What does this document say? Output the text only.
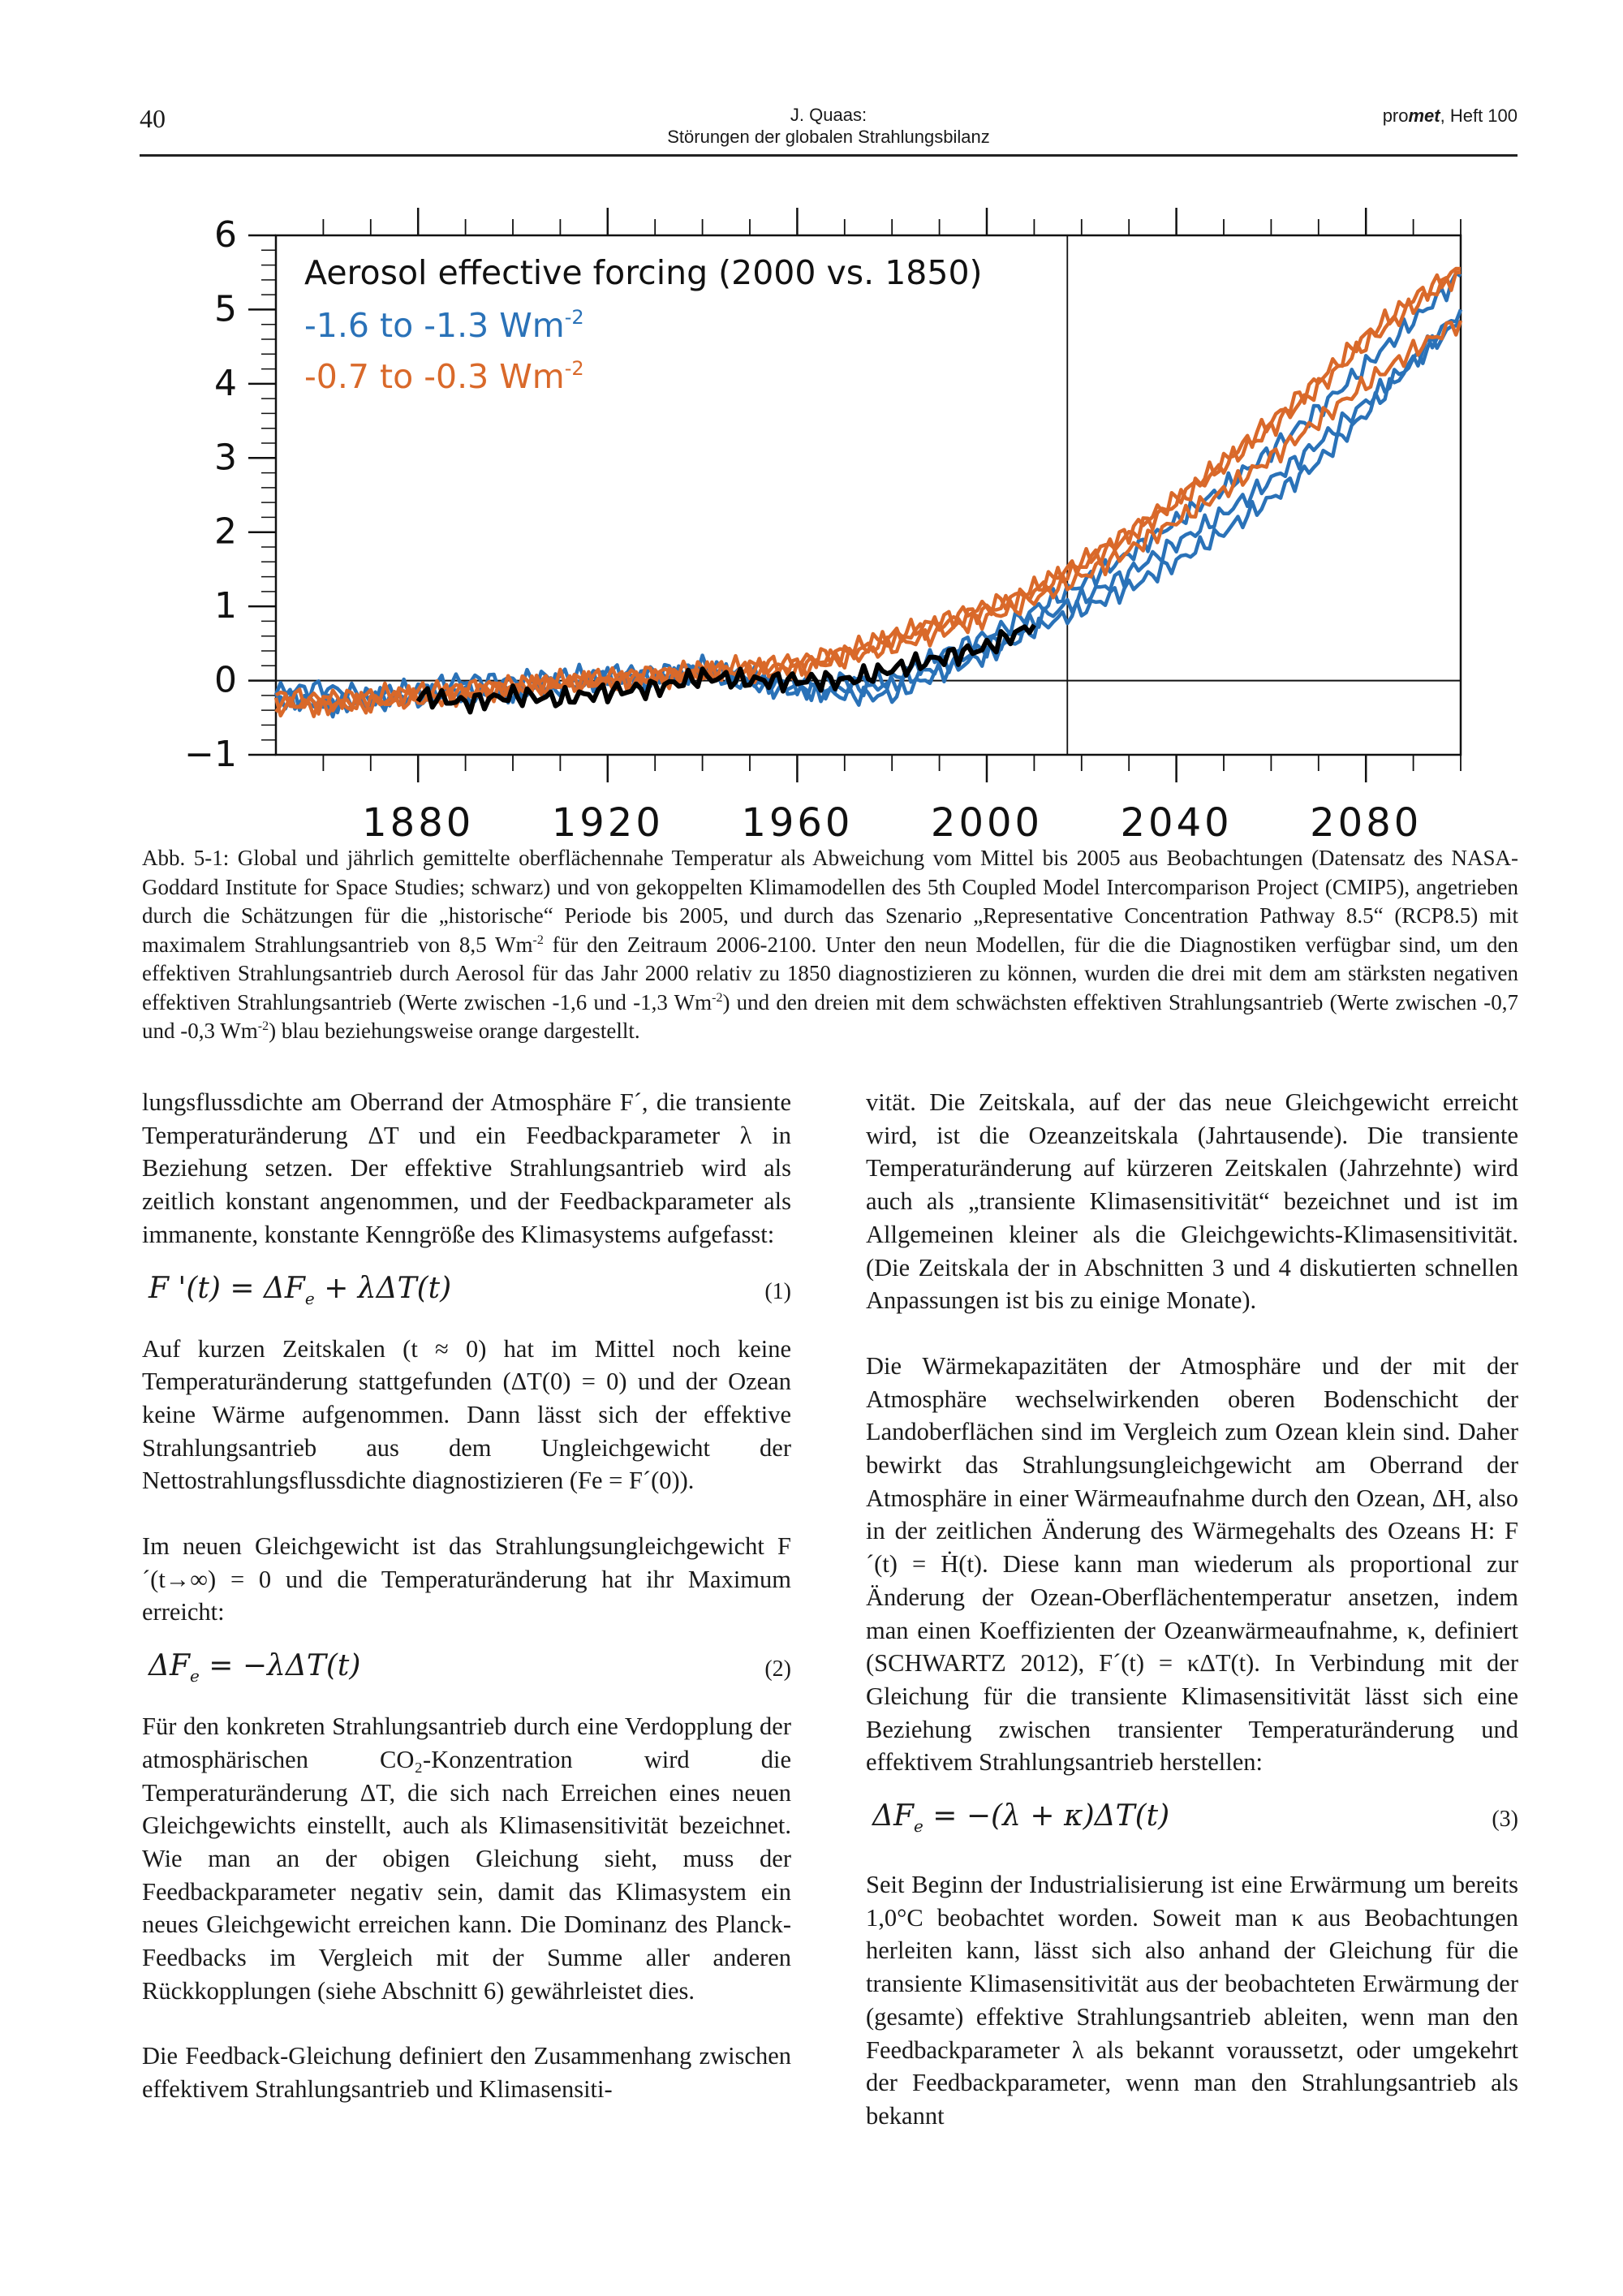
40	J. Quaas:
Störungen der globalen Strahlungsbilanz
promet, Heft 100
6
5
4
3
2
1
0
−1
1880 1920 1960 2000 2040 2080
Aerosol effective forcing (2000 vs. 1850)
-1.6 to -1.3 $Wm^{-2}$
-0.7 to -0.3 $Wm^{-2}$
Abb. 5-1: Global und jährlich gemittelte oberflächennahe Temperatur als Abweichung vom Mittel bis 2005 aus Beobachtungen (Datensatz des NASA-Goddard Institute for Space Studies; schwarz) und von gekoppelten Klimamodellen des 5th Coupled Model Intercomparison Project (CMIP5), angetrieben durch die Schätzungen für die „historische“ Periode bis 2005, und durch das Szenario „Representative Concentration Pathway 8.5“ (RCP8.5) mit maximalem Strahlungsantrieb von 8,5 $Wm^{-2}$ für den Zeitraum 2006-2100. Unter den neun Modellen, für die die Diagnostiken verfügbar sind, um den effektiven Strahlungsantrieb durch Aerosol für das Jahr 2000 relativ zu 1850 diagnostizieren zu können, wurden die drei mit dem am stärksten negativen effektiven Strahlungsantrieb (Werte zwischen -1,6 und -1,3 $Wm^{-2}$) und den dreien mit dem schwächsten effektiven Strahlungsantrieb (Werte zwischen -0,7 und -0,3 $Wm^{-2}$) blau beziehungsweise orange dargestellt.

lungsflussdichte am Oberrand der Atmosphäre F´, die transiente Temperaturänderung ΔT und ein Feedbackparameter λ in Beziehung setzen. Der effektive Strahlungsantrieb wird als zeitlich konstant angenommen, und der Feedbackparameter als immanente, konstante Kenngröße des Klimasystems aufgefasst:

F '$(t) = \Delta F_e + \lambda\Delta T(t)$	(1)

Auf kurzen Zeitskalen (t ≈ 0) hat im Mittel noch keine Temperaturänderung stattgefunden (ΔT(0) = 0) und der Ozean keine Wärme aufgenommen. Dann lässt sich der effektive Strahlungsantrieb aus dem Ungleichgewicht der Nettostrahlungsflussdichte diagnostizieren (Fe = F´(0)).

Im neuen Gleichgewicht ist das Strahlungsungleichgewicht F´(t→∞) = 0 und die Temperaturänderung hat ihr Maximum erreicht:

$\Delta F_e = -\lambda\Delta T(t)$	(2)

Für den konkreten Strahlungsantrieb durch eine Verdopplung der atmosphärischen CO₂-Konzentration wird die Temperaturänderung ΔT, die sich nach Erreichen eines neuen Gleichgewichts einstellt, auch als Klimasensitivität bezeichnet. Wie man an der obigen Gleichung sieht, muss der Feedbackparameter negativ sein, damit das Klimasystem ein neues Gleichgewicht erreichen kann. Die Dominanz des Planck-Feedbacks im Vergleich mit der Summe aller anderen Rückkopplungen (siehe Abschnitt 6) gewährleistet dies.

Die Feedback-Gleichung definiert den Zusammenhang zwischen effektivem Strahlungsantrieb und Klimasensiti-

vität. Die Zeitskala, auf der das neue Gleichgewicht erreicht wird, ist die Ozeanzeitskala (Jahrtausende). Die transiente Temperaturänderung auf kürzeren Zeitskalen (Jahrzehnte) wird auch als „transiente Klimasensitivität“ bezeichnet und ist im Allgemeinen kleiner als die Gleichgewichts-Klimasensitivität. (Die Zeitskala der in Abschnitten 3 und 4 diskutierten schnellen Anpassungen ist bis zu einige Monate).

Die Wärmekapazitäten der Atmosphäre und der mit der Atmosphäre wechselwirkenden oberen Bodenschicht der Landoberflächen sind im Vergleich zum Ozean klein sind. Daher bewirkt das Strahlungsungleichgewicht am Oberrand der Atmosphäre in einer Wärmeaufnahme durch den Ozean, ΔH, also in der zeitlichen Änderung des Wärmegehalts des Ozeans H: F´(t) = Ḣ(t). Diese kann man wiederum als proportional zur Änderung der Ozean-Oberflächentemperatur ansetzen, indem man einen Koeffizienten der Ozeanwärmeaufnahme, κ, definiert (SCHWARTZ 2012), F´(t) = κΔT(t). In Verbindung mit der Gleichung für die transiente Klimasensitivität lässt sich eine Beziehung zwischen transienter Temperaturänderung und effektivem Strahlungsantrieb herstellen:

$\Delta F_e = -(\lambda + \kappa)\Delta T(t)$	(3)

Seit Beginn der Industrialisierung ist eine Erwärmung um bereits 1,0°C beobachtet worden. Soweit man κ aus Beobachtungen herleiten kann, lässt sich also anhand der Gleichung für die transiente Klimasensitivität aus der beobachteten Erwärmung der (gesamte) effektive Strahlungsantrieb ableiten, wenn man den Feedbackparameter λ als bekannt voraussetzt, oder umgekehrt der Feedbackparameter, wenn man den Strahlungsantrieb als bekannt
